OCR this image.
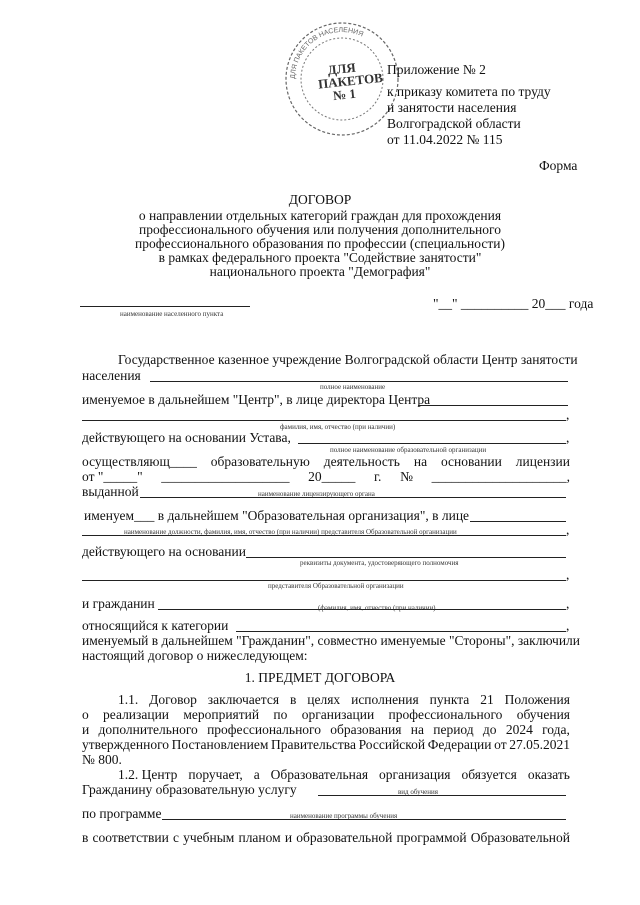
ДЛЯ ПАКЕТОВ НАСЕЛЕНИЯ
ДЛЯ ПАКЕТОВ № 1
Приложение № 2
к приказу комитета по труду
и занятости населения
Волгоградской области
от 11.04.2022 № 115
Форма
ДОГОВОР
о направлении отдельных категорий граждан для прохождения
профессионального обучения или получения дополнительного
профессионального образования по профессии (специальности)
в рамках федерального проекта "Содействие занятости"
национального проекта "Демография"
наименование населенного пункта
"__" __________ 20___ года
Государственное казенное учреждение Волгоградской области Центр занятости
населения
полное наименование
именуемое в дальнейшем "Центр", в лице директора Центра
,
фамилия, имя, отчество (при наличии)
действующего на основании Устава,	,
полное наименование образовательной организации
осуществляющ____ образовательную деятельность на основании лицензии
от "_____" ___________________ 20_____ г. № ____________________,
выданной	наименование лицензирующего органа
именуем___ в дальнейшем "Образовательная организация", в лице
,
наименование должности, фамилия, имя, отчество (при наличии) представителя Образовательной организации
действующего на основании
реквизиты документа, удостоверяющего полномочия
,
представителя Образовательной организации
и гражданин	,
(фамилия, имя, отчество (при наличии)
относящийся к категории	,
именуемый в дальнейшем "Гражданин", совместно именуемые "Стороны", заключили
настоящий договор о нижеследующем:
1. ПРЕДМЕТ ДОГОВОРА
1.1. Договор заключается в целях исполнения пункта 21 Положения
о реализации мероприятий по организации профессионального обучения
и дополнительного профессионального образования на период до 2024 года,
утвержденного Постановлением Правительства Российской Федерации от 27.05.2021
№ 800.
1.2. Центр поручает, а Образовательная организация обязуется оказать
Гражданину образовательную услугу	вид обучения
по программе	наименование программы обучения
в соответствии с учебным планом и образовательной программой Образовательной
